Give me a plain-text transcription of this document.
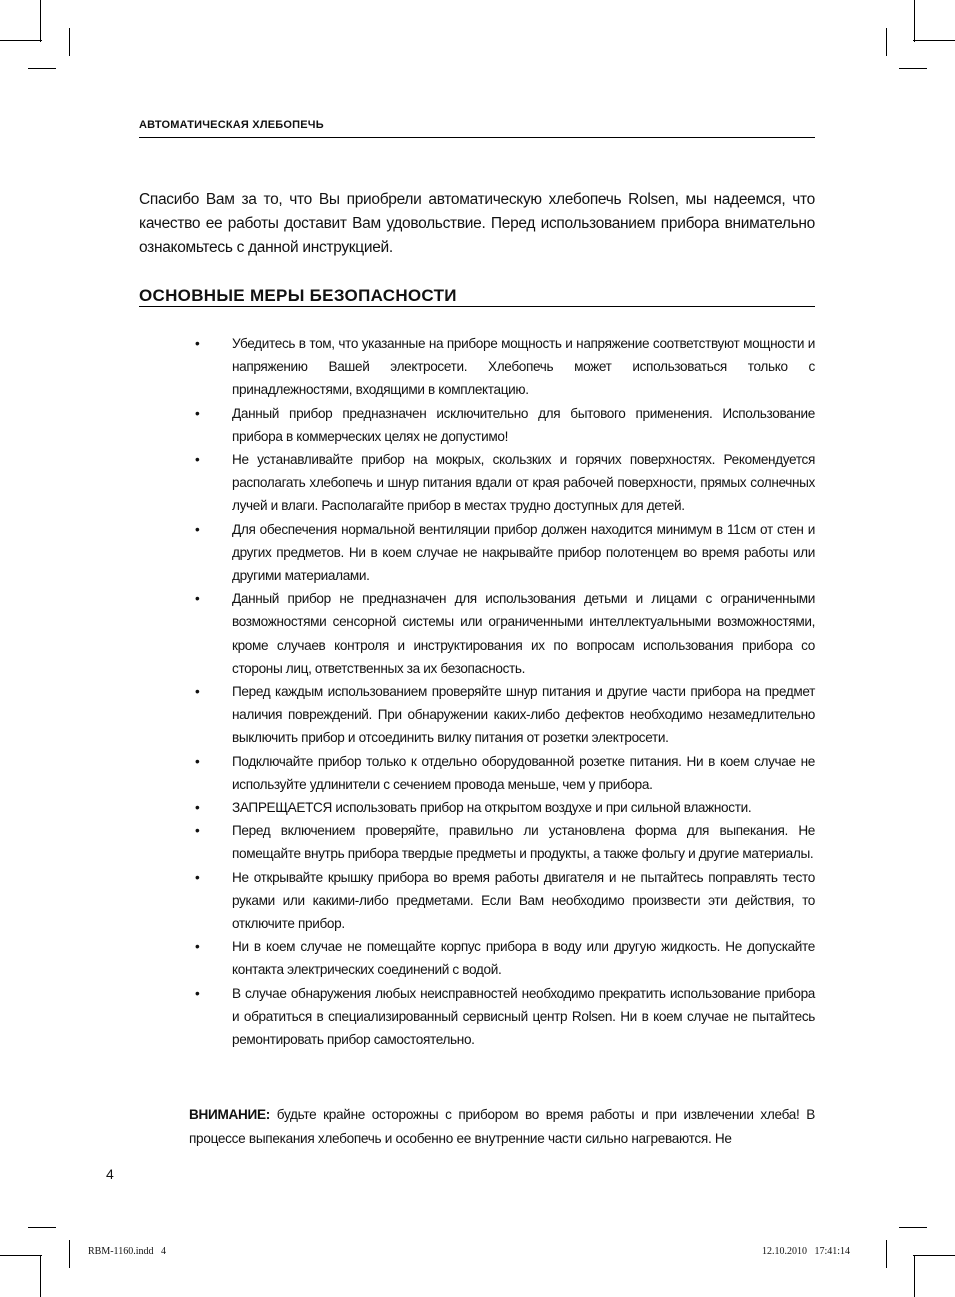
АВТОМАТИЧЕСКАЯ ХЛЕБОПЕЧЬ
Спасибо Вам за то, что Вы приобрели автоматическую хлебопечь Rolsen, мы надеемся, что качество ее работы доставит Вам удовольствие. Перед использованием прибора внимательно ознакомьтесь с данной инструкцией.
ОСНОВНЫЕ МЕРЫ БЕЗОПАСНОСТИ
• Убедитесь в том, что указанные на приборе мощность и напряжение соответствуют мощности и напряжению Вашей электросети. Хлебопечь может использоваться только с принадлежностями, входящими в комплектацию.
• Данный прибор предназначен исключительно для бытового применения. Использование прибора в коммерческих целях не допустимо!
• Не устанавливайте прибор на мокрых, скользких и горячих поверхностях. Рекомендуется располагать хлебопечь и шнур питания вдали от края рабочей поверхности, прямых солнечных лучей и влаги. Располагайте прибор в местах трудно доступных для детей.
• Для обеспечения нормальной вентиляции прибор должен находится минимум в 11см от стен и других предметов. Ни в коем случае не накрывайте прибор полотенцем во время работы или другими материалами.
• Данный прибор не предназначен для использования детьми и лицами с ограниченными возможностями сенсорной системы или ограниченными интеллектуальными возможностями, кроме случаев контроля и инструктирования их по вопросам использования прибора со стороны лиц, ответственных за их безопасность.
• Перед каждым использованием проверяйте шнур питания и другие части прибора на предмет наличия повреждений. При обнаружении каких-либо дефектов необходимо незамедлительно выключить прибор и отсоединить вилку питания от розетки электросети.
• Подключайте прибор только к отдельно оборудованной розетке питания. Ни в коем случае не используйте удлинители с сечением провода меньше, чем у прибора.
• ЗАПРЕЩАЕТСЯ использовать прибор на открытом воздухе и при сильной влажности.
• Перед включением проверяйте, правильно ли установлена форма для выпекания. Не помещайте внутрь прибора твердые предметы и продукты, а также фольгу и другие материалы.
• Не открывайте крышку прибора во время работы двигателя и не пытайтесь поправлять тесто руками или какими-либо предметами. Если Вам необходимо произвести эти действия, то отключите прибор.
• Ни в коем случае не помещайте корпус прибора в воду или другую жидкость. Не допускайте контакта электрических соединений с водой.
• В случае обнаружения любых неисправностей необходимо прекратить использование прибора и обратиться в специализированный сервисный центр Rolsen. Ни в коем случае не пытайтесь ремонтировать прибор самостоятельно.
ВНИМАНИЕ: будьте крайне осторожны с прибором во время работы и при извлечении хлеба! В процессе выпекания хлебопечь и особенно ее внутренние части сильно нагреваются. Не
4
RBM-1160.indd   4	12.10.2010   17:41:14
